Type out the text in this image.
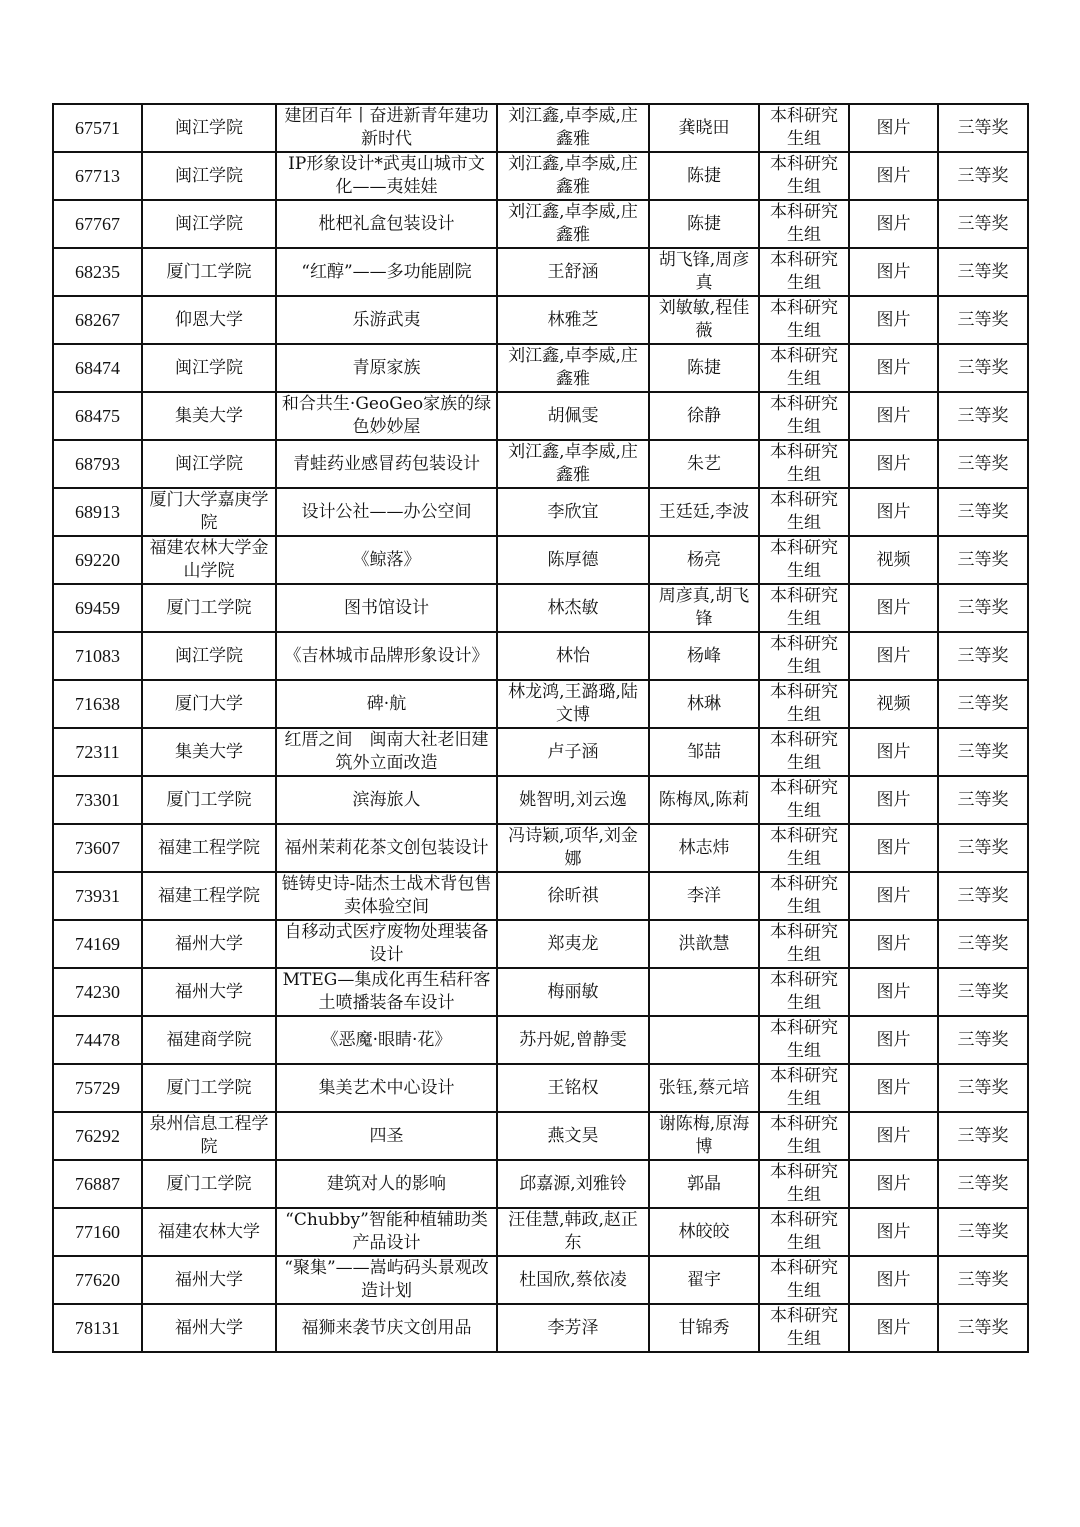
67571	闽江学院	建团百年丨奋进新青年建功新时代	刘江鑫,卓李威,庄鑫雅	龚晓田	本科研究生组	图片	三等奖
67713	闽江学院	IP形象设计*武夷山城市文化——夷娃娃	刘江鑫,卓李威,庄鑫雅	陈捷	本科研究生组	图片	三等奖
67767	闽江学院	枇杷礼盒包装设计	刘江鑫,卓李威,庄鑫雅	陈捷	本科研究生组	图片	三等奖
68235	厦门工学院	“红醇”——多功能剧院	王舒涵	胡飞锋,周彦真	本科研究生组	图片	三等奖
68267	仰恩大学	乐游武夷	林雅芝	刘敏敏,程佳薇	本科研究生组	图片	三等奖
68474	闽江学院	青原家族	刘江鑫,卓李威,庄鑫雅	陈捷	本科研究生组	图片	三等奖
68475	集美大学	和合共生·GeoGeo家族的绿色妙妙屋	胡佩雯	徐静	本科研究生组	图片	三等奖
68793	闽江学院	青蛙药业感冒药包装设计	刘江鑫,卓李威,庄鑫雅	朱艺	本科研究生组	图片	三等奖
68913	厦门大学嘉庚学院	设计公社——办公空间	李欣宜	王廷廷,李波	本科研究生组	图片	三等奖
69220	福建农林大学金山学院	《鲸落》	陈厚德	杨亮	本科研究生组	视频	三等奖
69459	厦门工学院	图书馆设计	林杰敏	周彦真,胡飞锋	本科研究生组	图片	三等奖
71083	闽江学院	《吉林城市品牌形象设计》	林怡	杨峰	本科研究生组	图片	三等奖
71638	厦门大学	碑·航	林龙鸿,王潞璐,陆文博	林琳	本科研究生组	视频	三等奖
72311	集美大学	红厝之间　闽南大社老旧建筑外立面改造	卢子涵	邹喆	本科研究生组	图片	三等奖
73301	厦门工学院	滨海旅人	姚智明,刘云逸	陈梅凤,陈莉	本科研究生组	图片	三等奖
73607	福建工程学院	福州茉莉花茶文创包装设计	冯诗颖,项华,刘金娜	林志炜	本科研究生组	图片	三等奖
73931	福建工程学院	链铸史诗-陆杰士战术背包售卖体验空间	徐昕祺	李洋	本科研究生组	图片	三等奖
74169	福州大学	自移动式医疗废物处理装备设计	郑夷龙	洪歆慧	本科研究生组	图片	三等奖
74230	福州大学	MTEG—集成化再生秸秆客土喷播装备车设计	梅丽敏		本科研究生组	图片	三等奖
74478	福建商学院	《恶魔·眼睛·花》	苏丹妮,曾静雯		本科研究生组	图片	三等奖
75729	厦门工学院	集美艺术中心设计	王铭权	张钰,蔡元培	本科研究生组	图片	三等奖
76292	泉州信息工程学院	四圣	燕文昊	谢陈梅,原海博	本科研究生组	图片	三等奖
76887	厦门工学院	建筑对人的影响	邱嘉源,刘雅铃	郭晶	本科研究生组	图片	三等奖
77160	福建农林大学	“Chubby”智能种植辅助类产品设计	汪佳慧,韩政,赵正东	林皎皎	本科研究生组	图片	三等奖
77620	福州大学	“聚集”——嵩屿码头景观改造计划	杜国欣,蔡依凌	翟宇	本科研究生组	图片	三等奖
78131	福州大学	福狮来袭节庆文创用品	李芳泽	甘锦秀	本科研究生组	图片	三等奖
